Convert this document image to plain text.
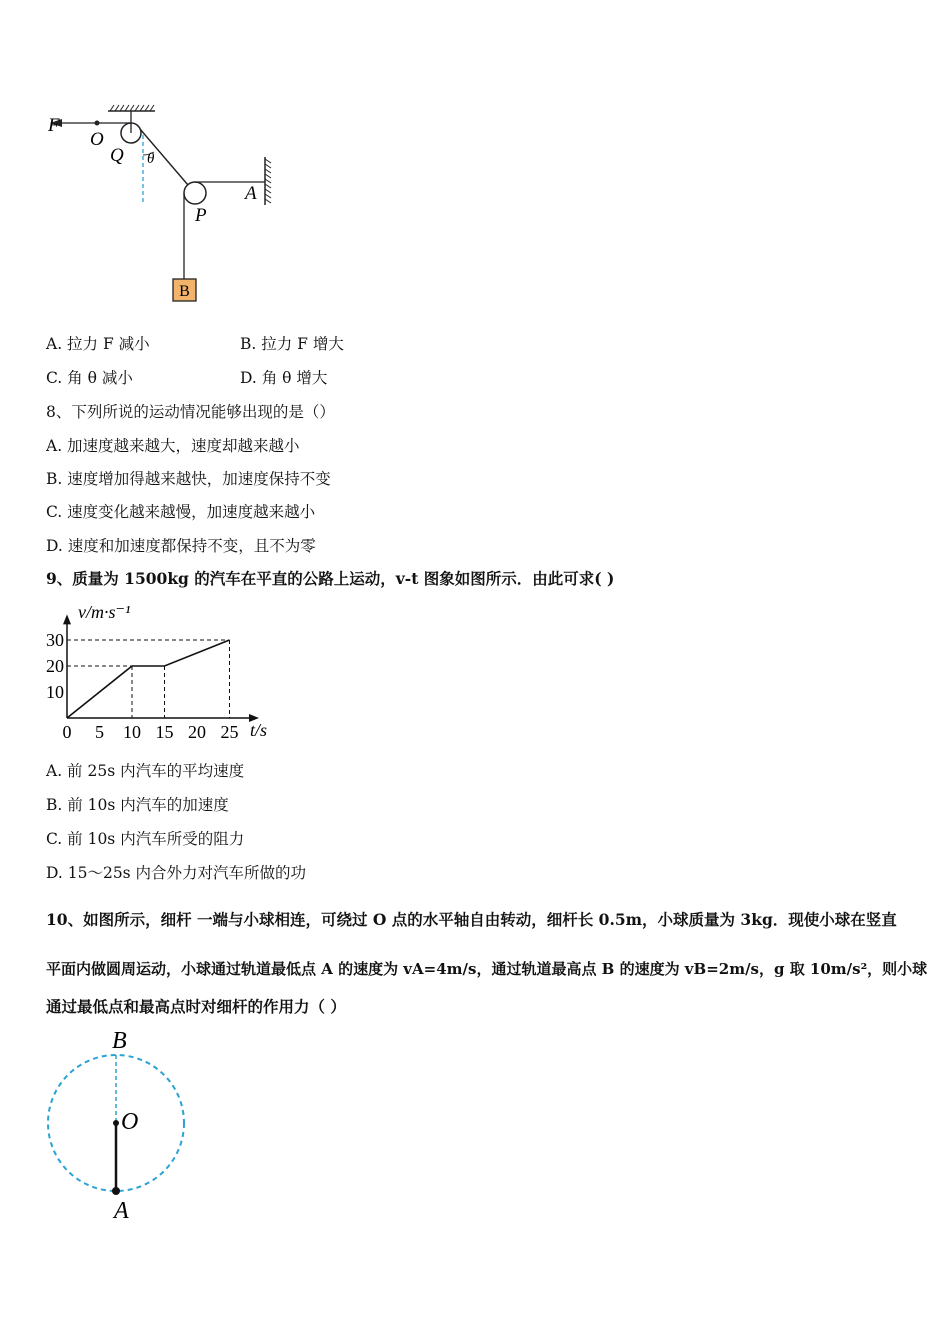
B
F
O
Q θ
A
P
A. 拉力 F 减小	B. 拉力 F 增大
C. 角 θ 减小	D. 角 θ 增大
8、下列所说的运动情况能够出现的是（）
A. 加速度越来越大，速度却越来越小
B. 速度增加得越来越快，加速度保持不变
C. 速度变化越来越慢，加速度越来越小
D. 速度和加速度都保持不变，且不为零
9、质量为 1500kg 的汽车在平直的公路上运动，v-t 图象如图所示．由此可求( )
0 5 10 15 20 25
10
20
30
v/m·s⁻¹
t/s
A. 前 25s 内汽车的平均速度
B. 前 10s 内汽车的加速度
C. 前 10s 内汽车所受的阻力
D. 15～25s 内合外力对汽车所做的功
10、如图所示，细杆 一端与小球相连，可绕过 O 点的水平轴自由转动，细杆长 0.5m，小球质量为 3kg．现使小球在竖直
平面内做圆周运动，小球通过轨道最低点 A 的速度为 vA=4m/s，通过轨道最高点 B 的速度为 vB=2m/s，g 取 10m/s²，则小球
通过最低点和最高点时对细杆的作用力（ ）
B
O
A
